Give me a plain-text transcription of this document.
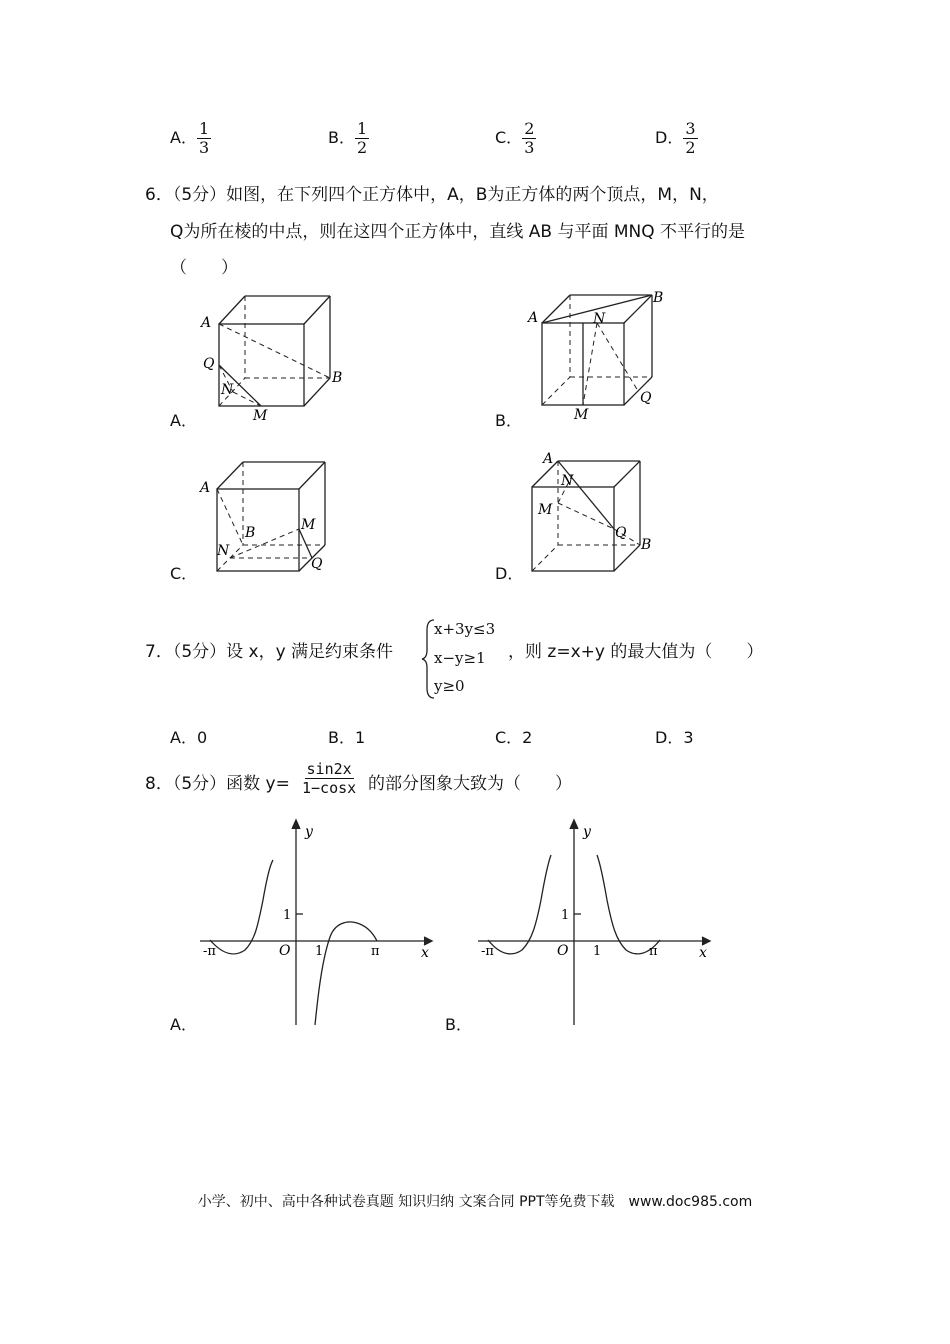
A． $\frac{1}{3}$	B． $\frac{1}{2}$	C． $\frac{2}{3}$	D． $\frac{3}{2}$
6．（5分）如图，在下列四个正方体中，A，B为正方体的两个顶点，M，N，
Q为所在棱的中点，则在这四个正方体中，直线 AB 与平面 MNQ 不平行的是
（　　）
A
Q
N
M
B
A．
A	N
B
M
Q
B．
A
B	M
N
Q
C．
A
N
M
Q
B
D．
7．（5分）设 x，y 满足约束条件
x+3y≤3
x−y≥1
y≥0
，则 z=x+y 的最大值为（　　）
A．0	B．1	C．2	D．3
8．（5分）函数 $y= \frac{\sin 2x}{1-\cos x}$ 的部分图象大致为（　　）
y
x
1
O 1
-π	π
A．
y
x
1
O 1
-π	π
B．
小学、初中、高中各种试卷真题 知识归纳 文案合同 PPT等免费下载　www.doc985.com
